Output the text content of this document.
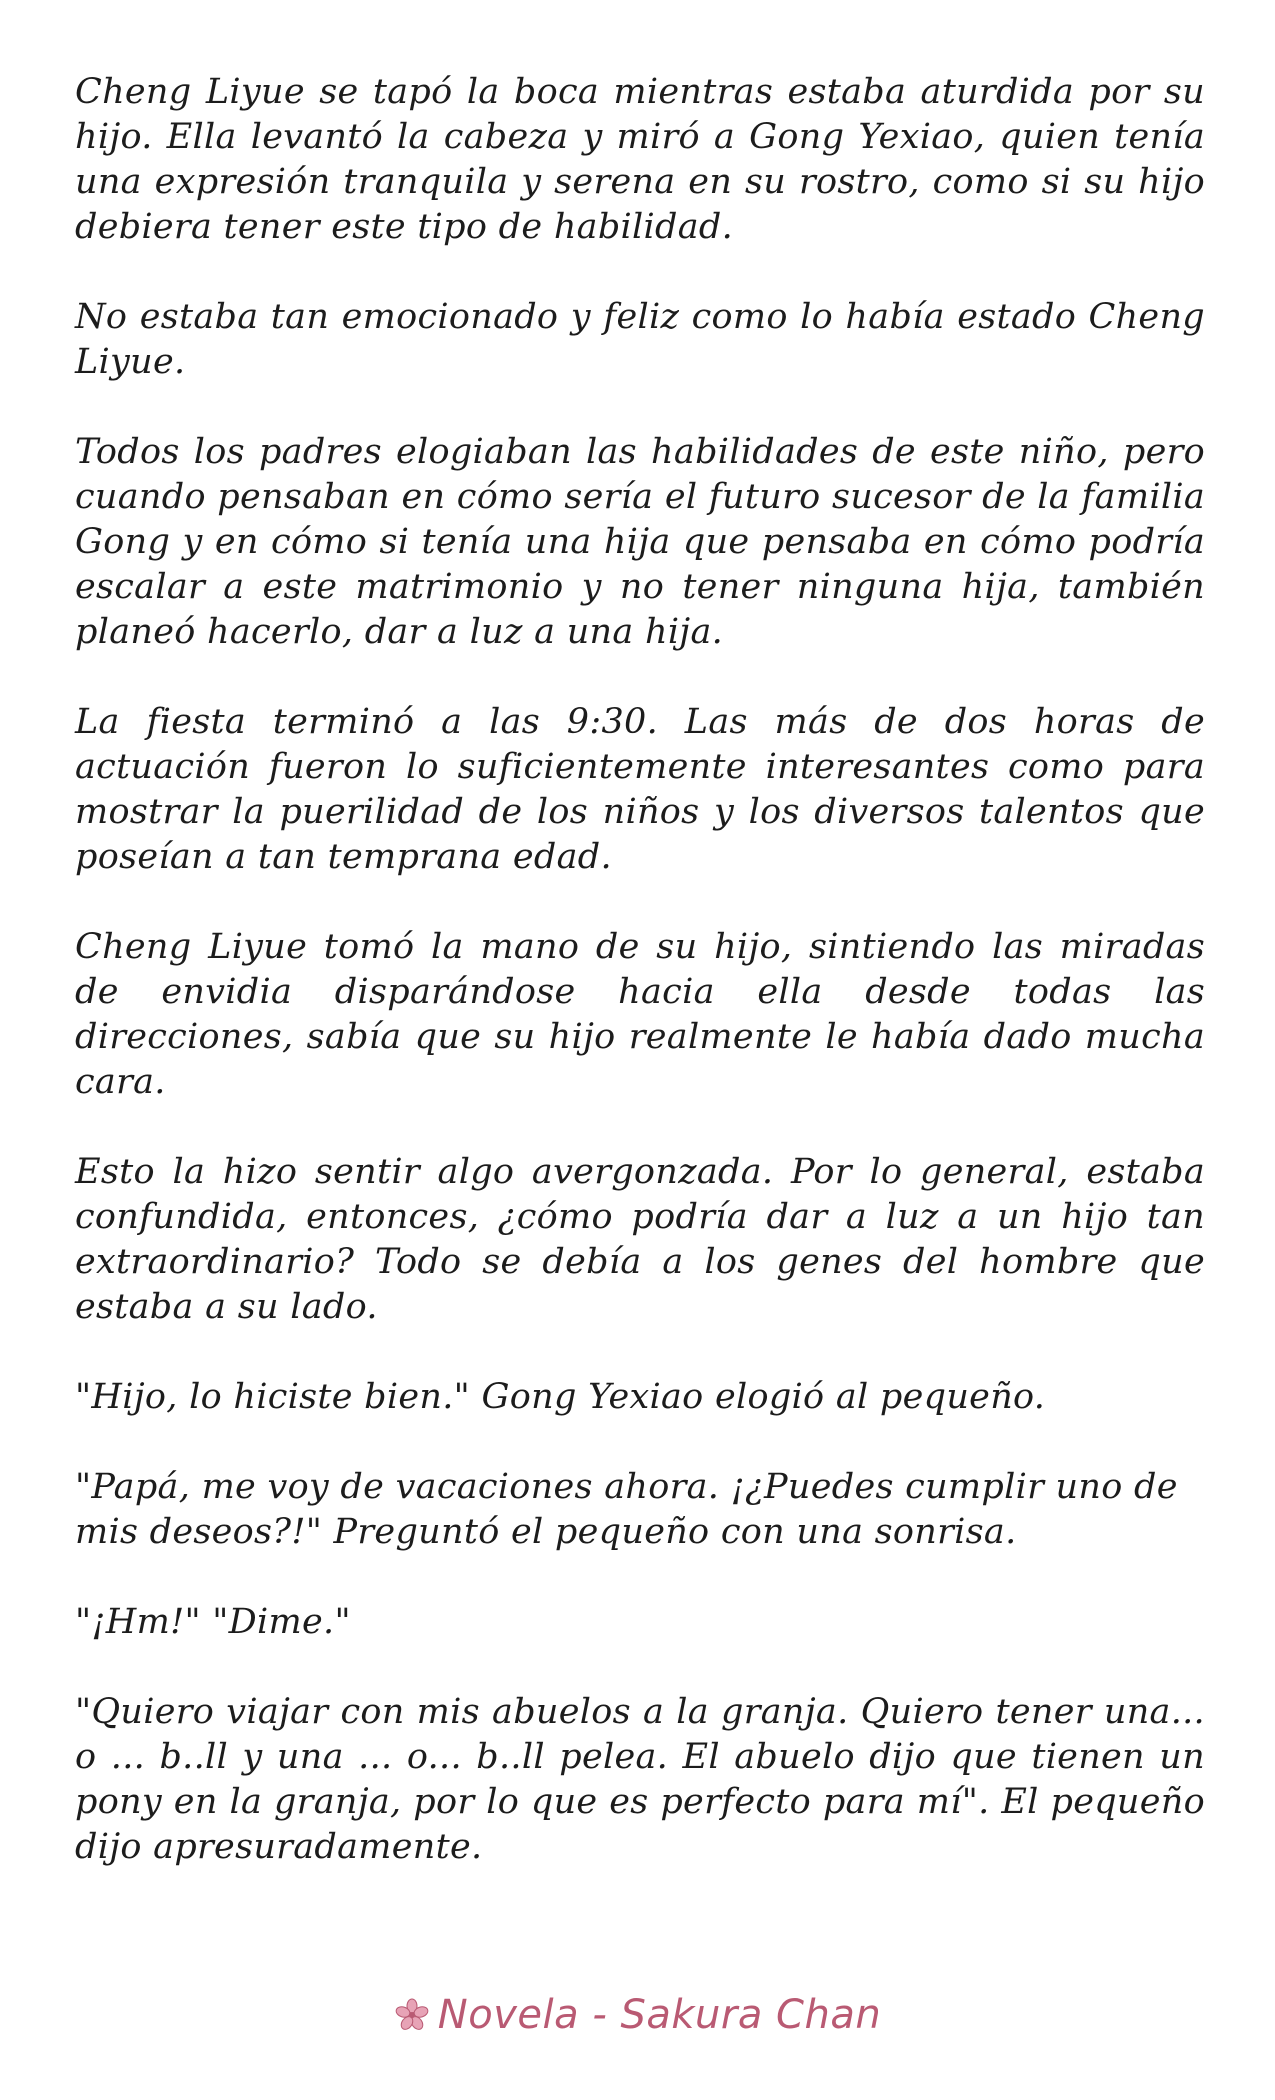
Cheng Liyue se tapó la boca mientras estaba aturdida por su hijo. Ella levantó la cabeza y miró a Gong Yexiao, quien tenía una expresión tranquila y serena en su rostro, como si su hijo debiera tener este tipo de habilidad.

No estaba tan emocionado y feliz como lo había estado Cheng Liyue.

Todos los padres elogiaban las habilidades de este niño, pero cuando pensaban en cómo sería el futuro sucesor de la familia Gong y en cómo si tenía una hija que pensaba en cómo podría escalar a este matrimonio y no tener ninguna hija, también planeó hacerlo, dar a luz a una hija.

La fiesta terminó a las 9:30. Las más de dos horas de actuación fueron lo suficientemente interesantes como para mostrar la puerilidad de los niños y los diversos talentos que poseían a tan temprana edad.

Cheng Liyue tomó la mano de su hijo, sintiendo las miradas de envidia disparándose hacia ella desde todas las direcciones, sabía que su hijo realmente le había dado mucha cara.

Esto la hizo sentir algo avergonzada. Por lo general, estaba confundida, entonces, ¿cómo podría dar a luz a un hijo tan extraordinario? Todo se debía a los genes del hombre que estaba a su lado.

"Hijo, lo hiciste bien." Gong Yexiao elogió al pequeño.

"Papá, me voy de vacaciones ahora. ¡¿Puedes cumplir uno de mis deseos?!" Preguntó el pequeño con una sonrisa.

"¡Hm!" "Dime."

"Quiero viajar con mis abuelos a la granja. Quiero tener una... o ... b..ll y una ... o... b..ll pelea. El abuelo dijo que tienen un pony en la granja, por lo que es perfecto para mí". El pequeño dijo apresuradamente.

Novela - Sakura Chan
